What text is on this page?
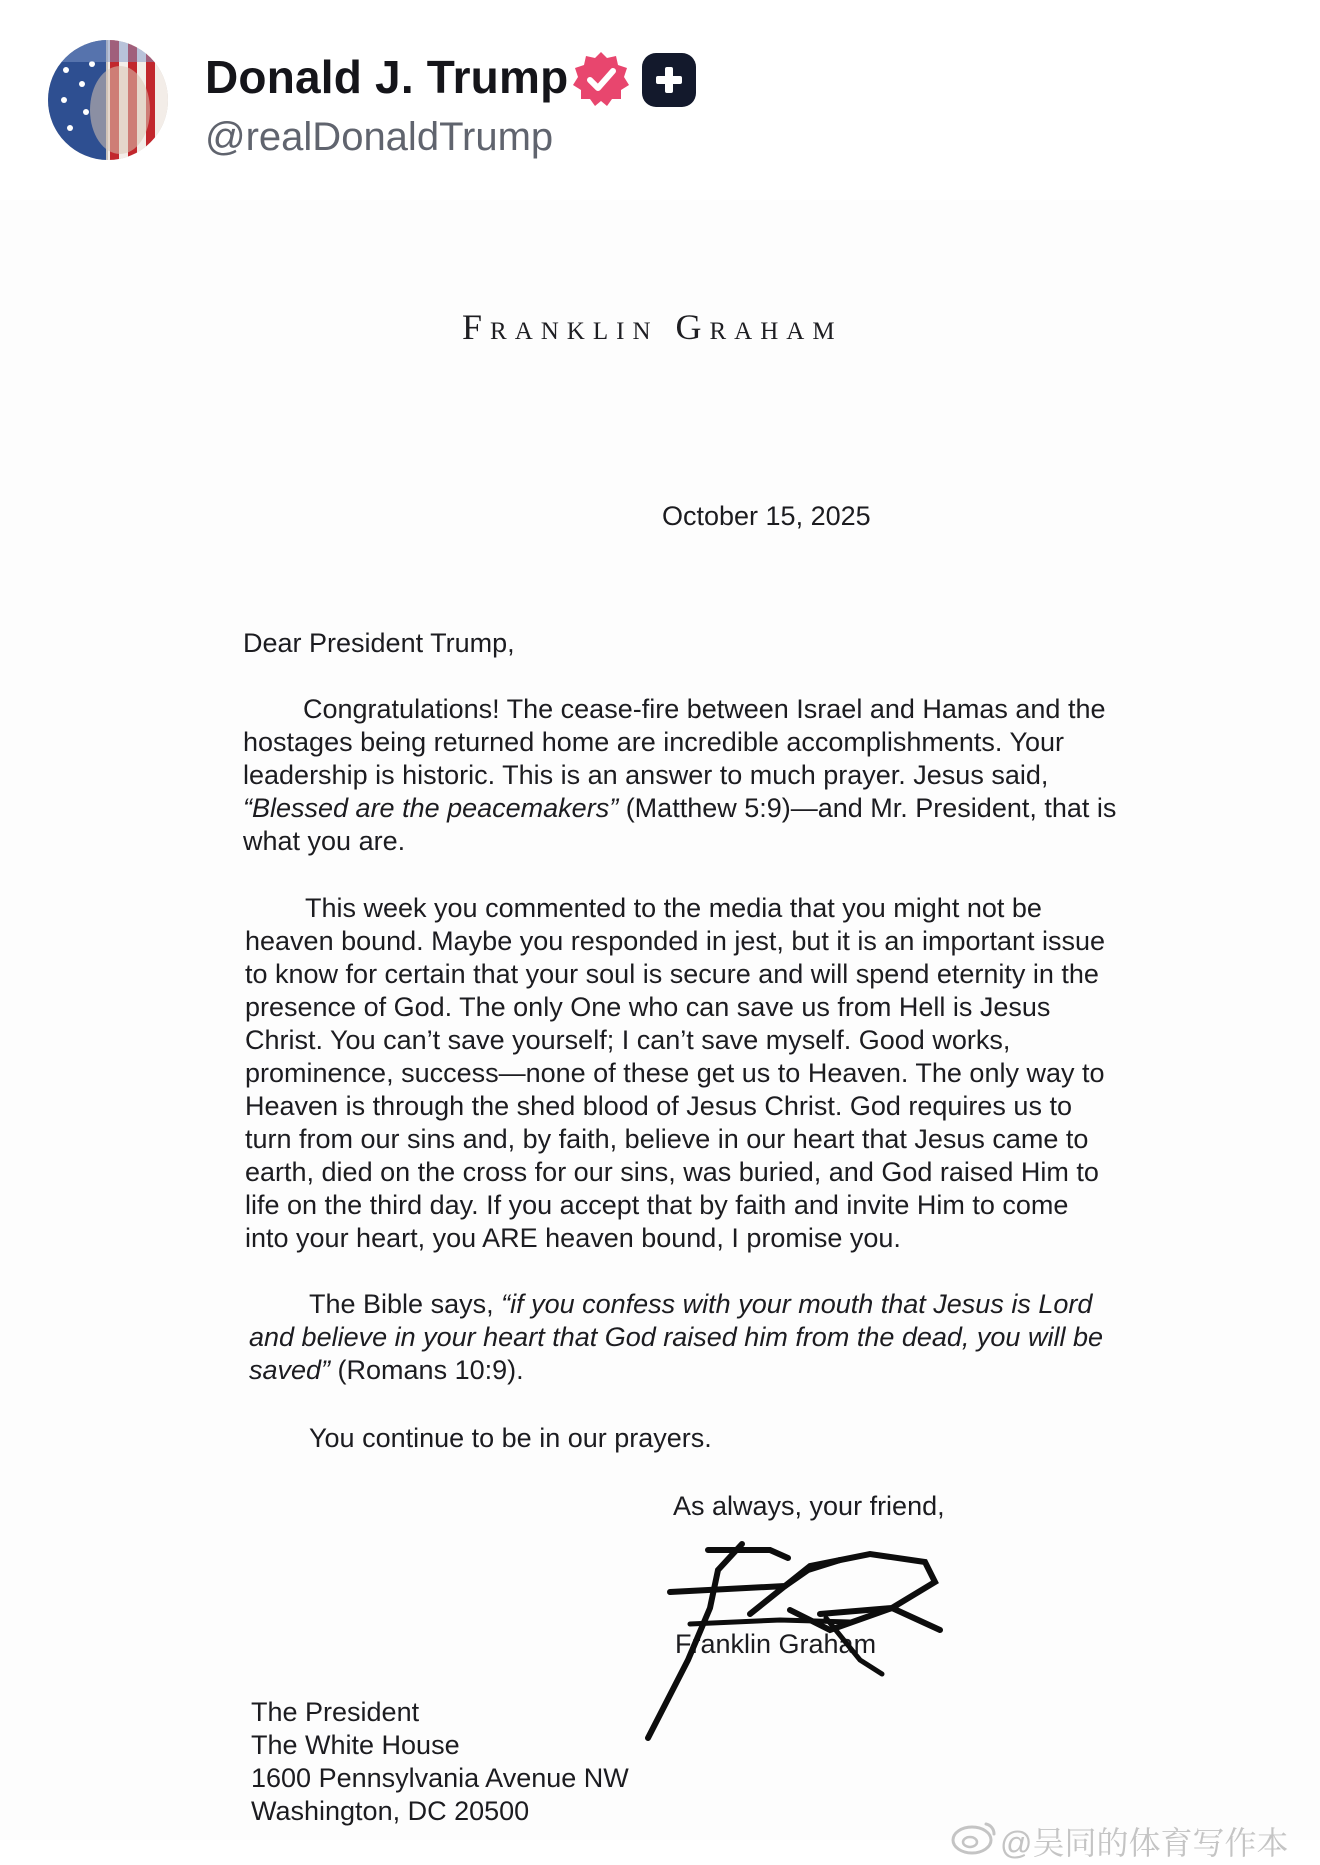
Donald J. Trump
@realDonaldTrump
Franklin Graham
October 15, 2025
Dear President Trump,
Congratulations! The cease-fire between Israel and Hamas and the
hostages being returned home are incredible accomplishments. Your
leadership is historic. This is an answer to much prayer. Jesus said,
“Blessed are the peacemakers” (Matthew 5:9)—and Mr. President, that is
what you are.
This week you commented to the media that you might not be
heaven bound. Maybe you responded in jest, but it is an important issue
to know for certain that your soul is secure and will spend eternity in the
presence of God. The only One who can save us from Hell is Jesus
Christ. You can’t save yourself; I can’t save myself. Good works,
prominence, success—none of these get us to Heaven. The only way to
Heaven is through the shed blood of Jesus Christ. God requires us to
turn from our sins and, by faith, believe in our heart that Jesus came to
earth, died on the cross for our sins, was buried, and God raised Him to
life on the third day. If you accept that by faith and invite Him to come
into your heart, you ARE heaven bound, I promise you.
The Bible says, “if you confess with your mouth that Jesus is Lord
and believe in your heart that God raised him from the dead, you will be
saved” (Romans 10:9).
You continue to be in our prayers.
As always, your friend,
Franklin Graham
The President
The White House
1600 Pennsylvania Avenue NW
Washington, DC 20500
@吴同的体育写作本
